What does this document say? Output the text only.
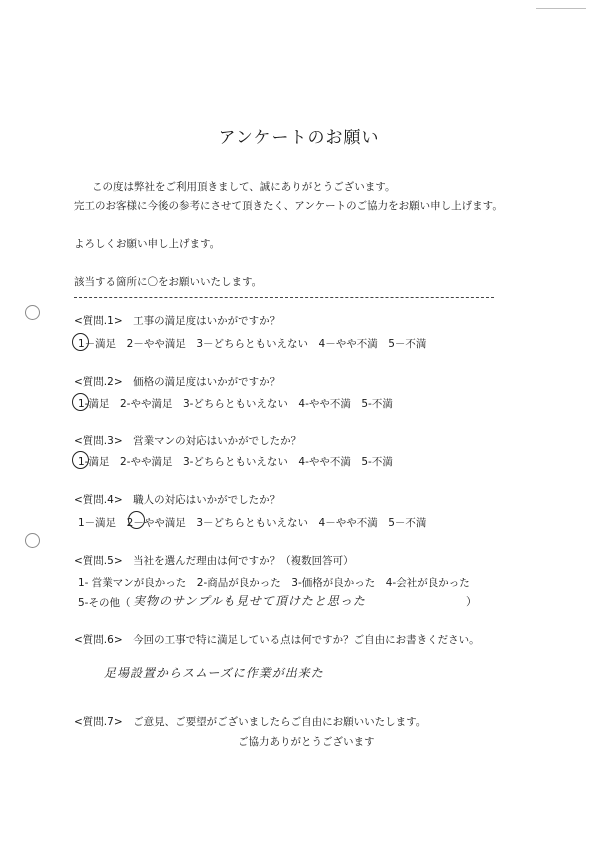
アンケートのお願い
この度は弊社をご利用頂きまして、誠にありがとうございます。
完工のお客様に今後の参考にさせて頂きたく、アンケートのご協力をお願い申し上げます。
よろしくお願い申し上げます。
該当する箇所に〇をお願いいたします。
<質問.1>　 工事の満足度はいかがですか？
1－満足　2－やや満足　3－どちらともいえない　4－やや不満　5－不満
<質問.2>　 価格の満足度はいかがですか？
1-満足　2-やや満足　3-どちらともいえない　4-やや不満　5-不満
<質問.3>　 営業マンの対応はいかがでしたか？
1-満足　2-やや満足　3-どちらともいえない　4-やや不満　5-不満
<質問.4>　 職人の対応はいかがでしたか？
1－満足　2－やや満足　3－どちらともいえない　4－やや不満　5－不満
<質問.5>　 当社を選んだ理由は何ですか？（複数回答可）
1- 営業マンが良かった　2-商品が良かった　3-価格が良かった　4-会社が良かった
5-その他（ 実物のサンプルも見せて頂けたと思った	）
<質問.6>　 今回の工事で特に満足している点は何ですか？ご自由にお書きください。
足場設置からスムーズに作業が出来た
<質問.7>　 ご意見、ご要望がございましたらご自由にお願いいたします。
ご協力ありがとうございます
